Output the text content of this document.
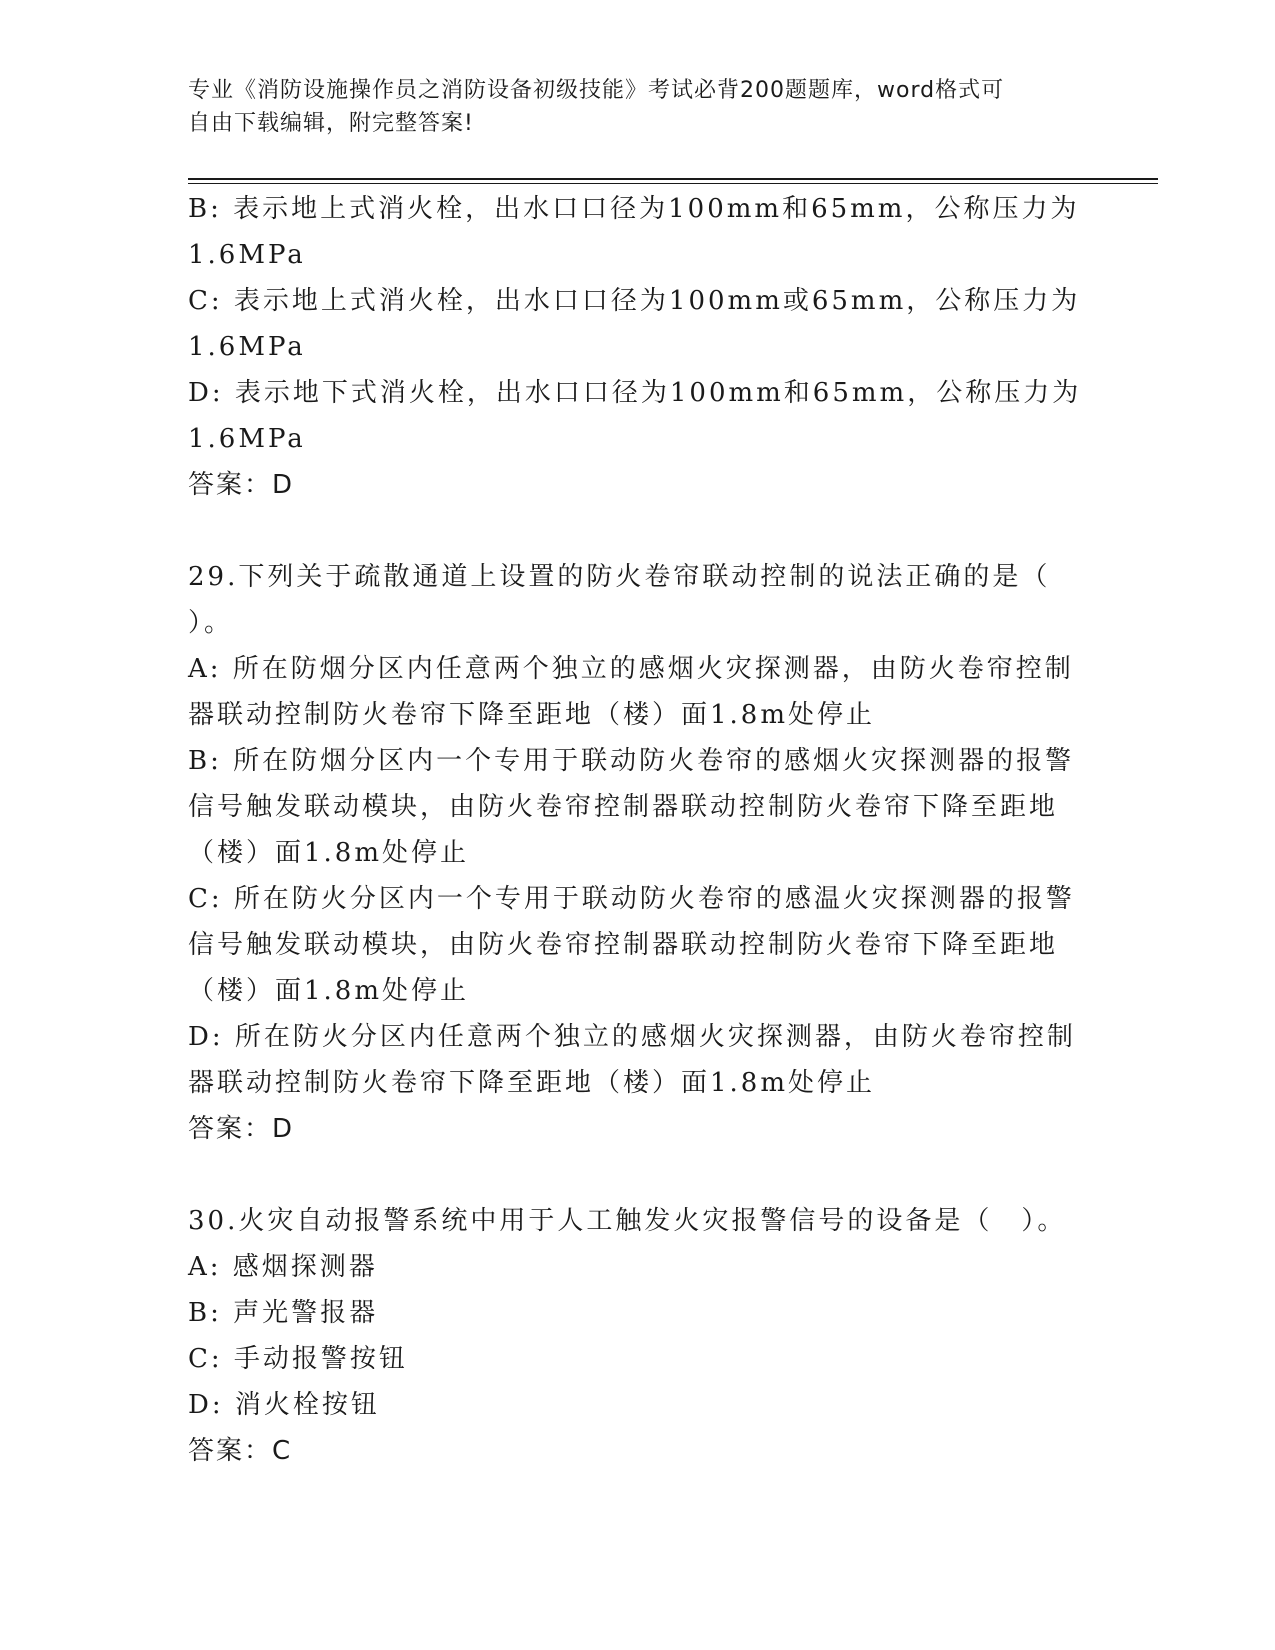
专业《消防设施操作员之消防设备初级技能》考试必背200题题库，word格式可
自由下载编辑，附完整答案!
B: 表示地上式消火栓，出水口口径为100mm和65mm，公称压力为
1.6MPa
C: 表示地上式消火栓，出水口口径为100mm或65mm，公称压力为
1.6MPa
D: 表示地下式消火栓，出水口口径为100mm和65mm，公称压力为
1.6MPa
答案：D
29.下列关于疏散通道上设置的防火卷帘联动控制的说法正确的是（
）。
A: 所在防烟分区内任意两个独立的感烟火灾探测器，由防火卷帘控制
器联动控制防火卷帘下降至距地（楼）面1.8m处停止
B: 所在防烟分区内一个专用于联动防火卷帘的感烟火灾探测器的报警
信号触发联动模块，由防火卷帘控制器联动控制防火卷帘下降至距地
（楼）面1.8m处停止
C: 所在防火分区内一个专用于联动防火卷帘的感温火灾探测器的报警
信号触发联动模块，由防火卷帘控制器联动控制防火卷帘下降至距地
（楼）面1.8m处停止
D: 所在防火分区内任意两个独立的感烟火灾探测器，由防火卷帘控制
器联动控制防火卷帘下降至距地（楼）面1.8m处停止
答案：D
30.火灾自动报警系统中用于人工触发火灾报警信号的设备是（　）。
A: 感烟探测器
B: 声光警报器
C: 手动报警按钮
D: 消火栓按钮
答案：C
